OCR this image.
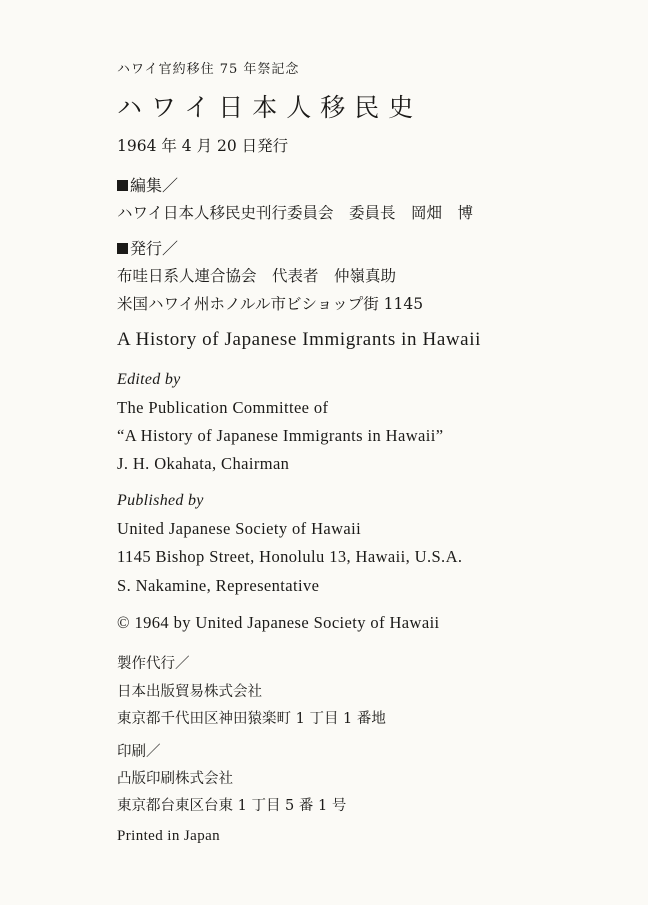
ハワイ官約移住 75 年祭記念
ハワイ日本人移民史
1964 年 4 月 20 日発行
編集／
ハワイ日本人移民史刊行委員会　委員長　岡畑　博
発行／
布哇日系人連合協会　代表者　仲嶺真助
米国ハワイ州ホノルル市ビショップ街 1145
A History of Japanese Immigrants in Hawaii
Edited by
The Publication Committee of
“A History of Japanese Immigrants in Hawaii”
J. H. Okahata, Chairman
Published by
United Japanese Society of Hawaii
1145 Bishop Street, Honolulu 13, Hawaii, U.S.A.
S. Nakamine, Representative
© 1964 by United Japanese Society of Hawaii
製作代行／
日本出版貿易株式会社
東京都千代田区神田猿楽町 1 丁目 1 番地
印刷／
凸版印刷株式会社
東京都台東区台東 1 丁目 5 番 1 号
Printed in Japan
